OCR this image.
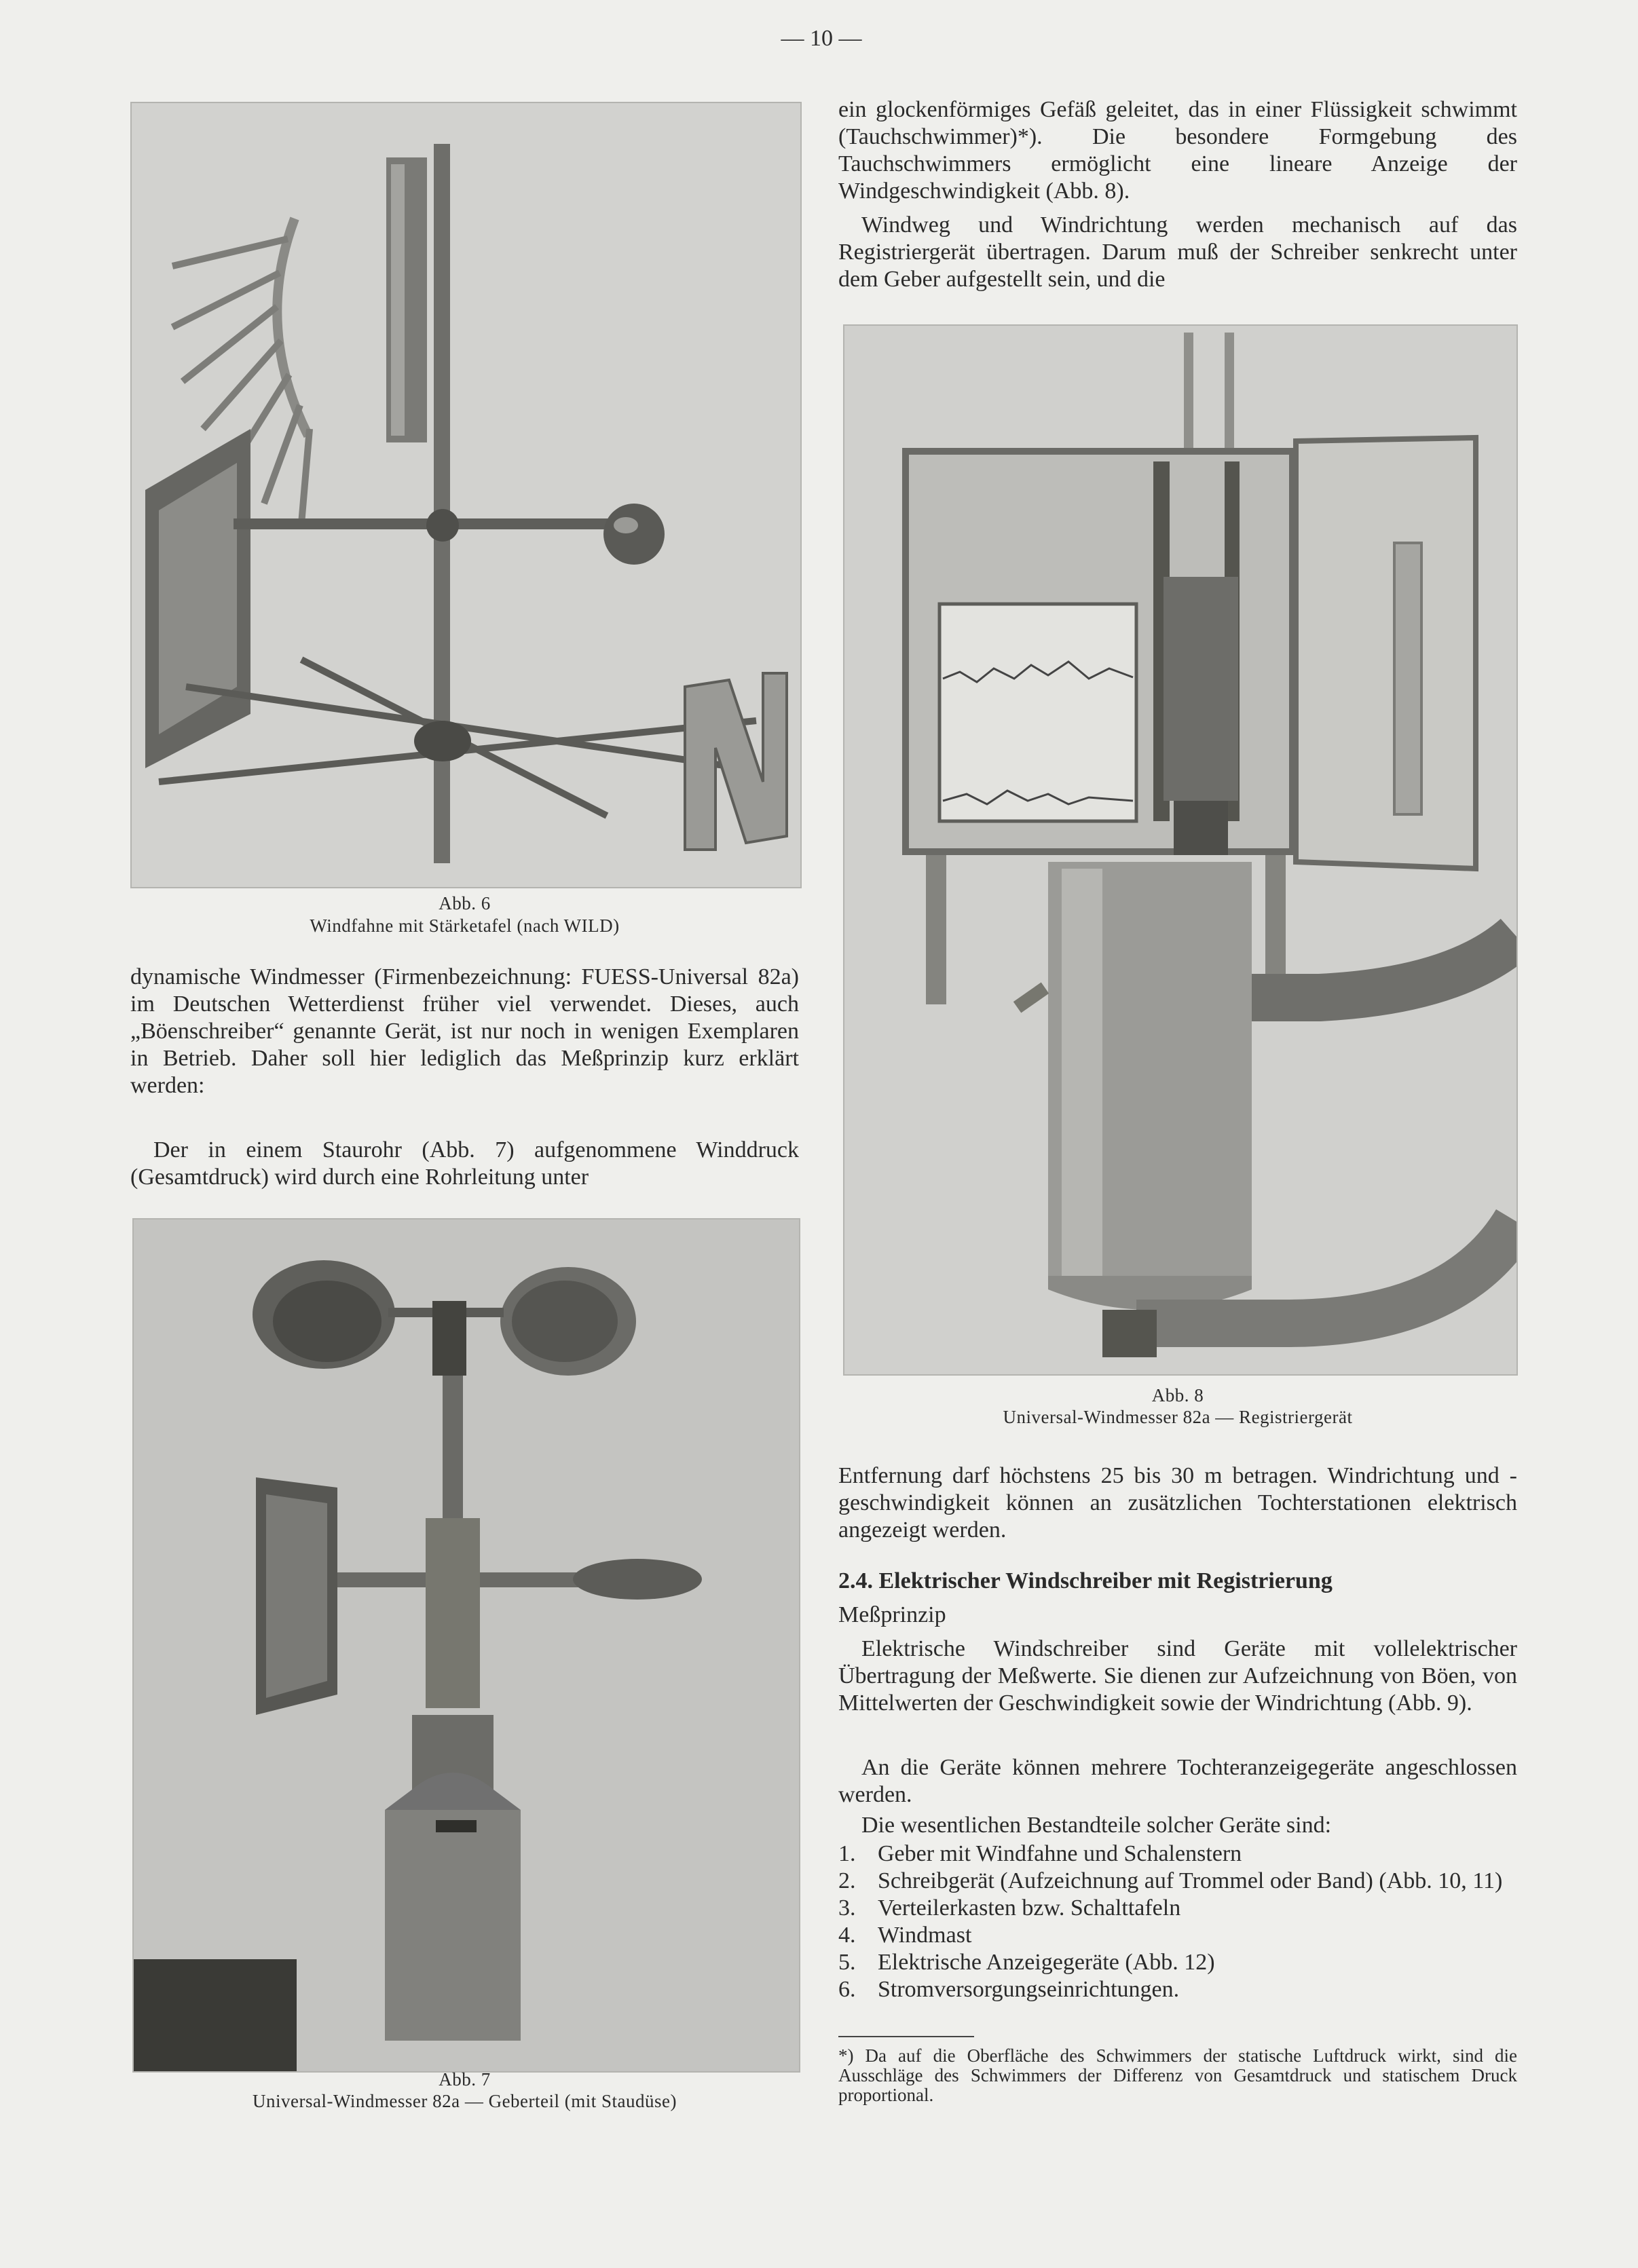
— 10 —
Abb. 6
Windfahne mit Stärketafel (nach WILD)

dynamische Windmesser (Firmenbezeichnung: FUESS-Universal 82a) im Deutschen Wetterdienst früher viel verwendet. Dieses, auch „Böenschreiber“ genannte Gerät, ist nur noch in wenigen Exemplaren in Betrieb. Daher soll hier lediglich das Meßprinzip kurz erklärt werden:

Der in einem Staurohr (Abb. 7) aufgenommene Winddruck (Gesamtdruck) wird durch eine Rohrleitung unter

Abb. 7
Universal-Windmesser 82a — Geberteil (mit Staudüse)

ein glockenförmiges Gefäß geleitet, das in einer Flüssigkeit schwimmt (Tauchschwimmer)*). Die besondere Formgebung des Tauchschwimmers ermöglicht eine lineare Anzeige der Windgeschwindigkeit (Abb. 8).

Windweg und Windrichtung werden mechanisch auf das Registriergerät übertragen. Darum muß der Schreiber senkrecht unter dem Geber aufgestellt sein, und die

Abb. 8
Universal-Windmesser 82a — Registriergerät

Entfernung darf höchstens 25 bis 30 m betragen. Windrichtung und -geschwindigkeit können an zusätzlichen Tochterstationen elektrisch angezeigt werden.

2.4. Elektrischer Windschreiber mit Registrierung
Meßprinzip

Elektrische Windschreiber sind Geräte mit vollelektrischer Übertragung der Meßwerte. Sie dienen zur Aufzeichnung von Böen, von Mittelwerten der Geschwindigkeit sowie der Windrichtung (Abb. 9).

An die Geräte können mehrere Tochteranzeigegeräte angeschlossen werden.

Die wesentlichen Bestandteile solcher Geräte sind:

1. Geber mit Windfahne und Schalenstern
2. Schreibgerät (Aufzeichnung auf Trommel oder Band) (Abb. 10, 11)
3. Verteilerkasten bzw. Schalttafeln
4. Windmast
5. Elektrische Anzeigegeräte (Abb. 12)
6. Stromversorgungseinrichtungen.

*) Da auf die Oberfläche des Schwimmers der statische Luftdruck wirkt, sind die Ausschläge des Schwimmers der Differenz von Gesamtdruck und statischem Druck proportional.
